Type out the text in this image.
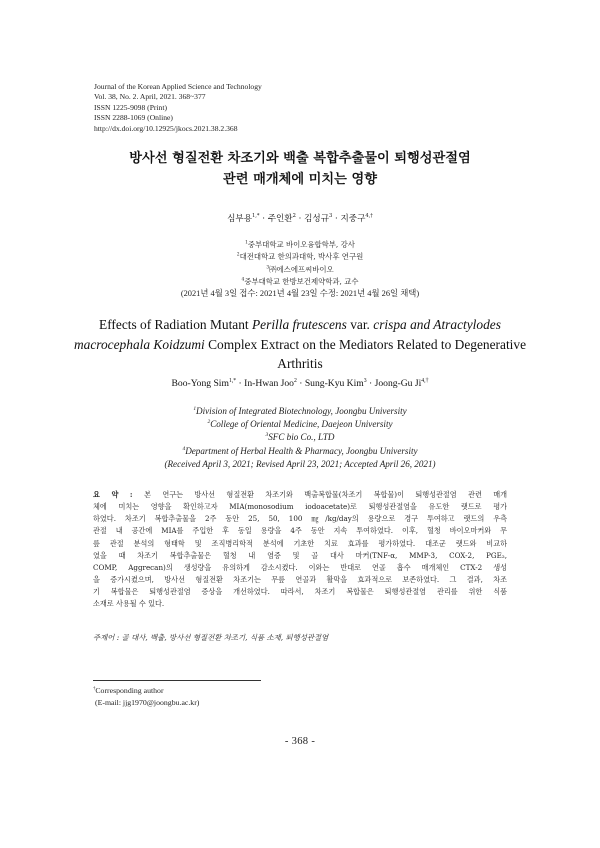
Journal of the Korean Applied Science and Technology
Vol. 38, No. 2. April, 2021. 368~377
ISSN 1225-9098 (Print)
ISSN 2288-1069 (Online)
http://dx.doi.org/10.12925/jkocs.2021.38.2.368
방사선 형질전환 차조기와 백출 복합추출물이 퇴행성관절염
관련 매개체에 미치는 영향
심부용$^{1,*}$ · 주인환$^2$ · 김성규$^3$ · 지중구$^{4,\dagger}$
$^1$중부대학교 바이오융합학부, 강사
$^2$대전대학교 한의과대학, 박사후 연구원
$^3$㈜에스에프씨바이오
$^4$중부대학교 한방보건제약학과, 교수
(2021년 4월 3일 접수: 2021년 4월 23일 수정: 2021년 4월 26일 채택)
Effects of Radiation Mutant Perilla frutescens var. crispa and Atractylodes macrocephala Koidzumi Complex Extract on the Mediators Related to Degenerative Arthritis
Boo-Yong Sim$^{1,*}$ · In-Hwan Joo$^2$ · Sung-Kyu Kim$^3$ · Joong-Gu $Ji^{4,\dagger}$
$^1$Division of Integrated Biotechnology, Joongbu University
$^2$College of Oriental Medicine, Daejeon University
$^3$SFC bio Co., LTD
$^4$Department of Herbal Health & Pharmacy, Joongbu University
(Received April 3, 2021; Revised April 23, 2021; Accepted April 26, 2021)
요 약 : 본 연구는 방사선 형질전환 차조기와 백출복합물(차조기 복합물)이 퇴행성관절염 관련 매개
체에 미치는 영향을 확인하고자 MIA(monosodium iodoacetate)로 퇴행성관절염을 유도한 랫드로 평가
하였다. 차조기 복합추출물을 2주 동안 25, 50, 100 ㎎/kg/day의 용량으로 경구 투여하고 랫드의 우측
관절 내 공간에 MIA를 주입한 후 동일 용량을 4주 동안 지속 투여하였다. 이후, 혈청 바이오마커와 무
릎 관절 분석의 형태학 및 조직병리학적 분석에 기초한 치료 효과를 평가하였다. 대조군 랫드와 비교하
였을 때 차조기 복합추출물은 혈청 내 염증 및 골 대사 마커(TNF-α, MMP-3, COX-2, PGE₂,
COMP, Aggrecan)의 생성량을 유의하게 감소시켰다. 이와는 반대로 연골 흡수 매개체인 CTX-2 생성
을 증가시켰으며, 방사선 형질전환 차조기는 무릎 연골과 활막을 효과적으로 보존하였다. 그 결과, 차조
기 복합물은 퇴행성관절염 증상을 개선하였다. 따라서, 차조기 복합물은 퇴행성관절염 관리를 위한 식품
소재로 사용될 수 있다.
주제어 : 골 대사, 백출, 방사선 형질전환 차조기, 식품 소재, 퇴행성관절염
†Corresponding author
(E-mail: jjg1970@joongbu.ac.kr)
- 368 -
